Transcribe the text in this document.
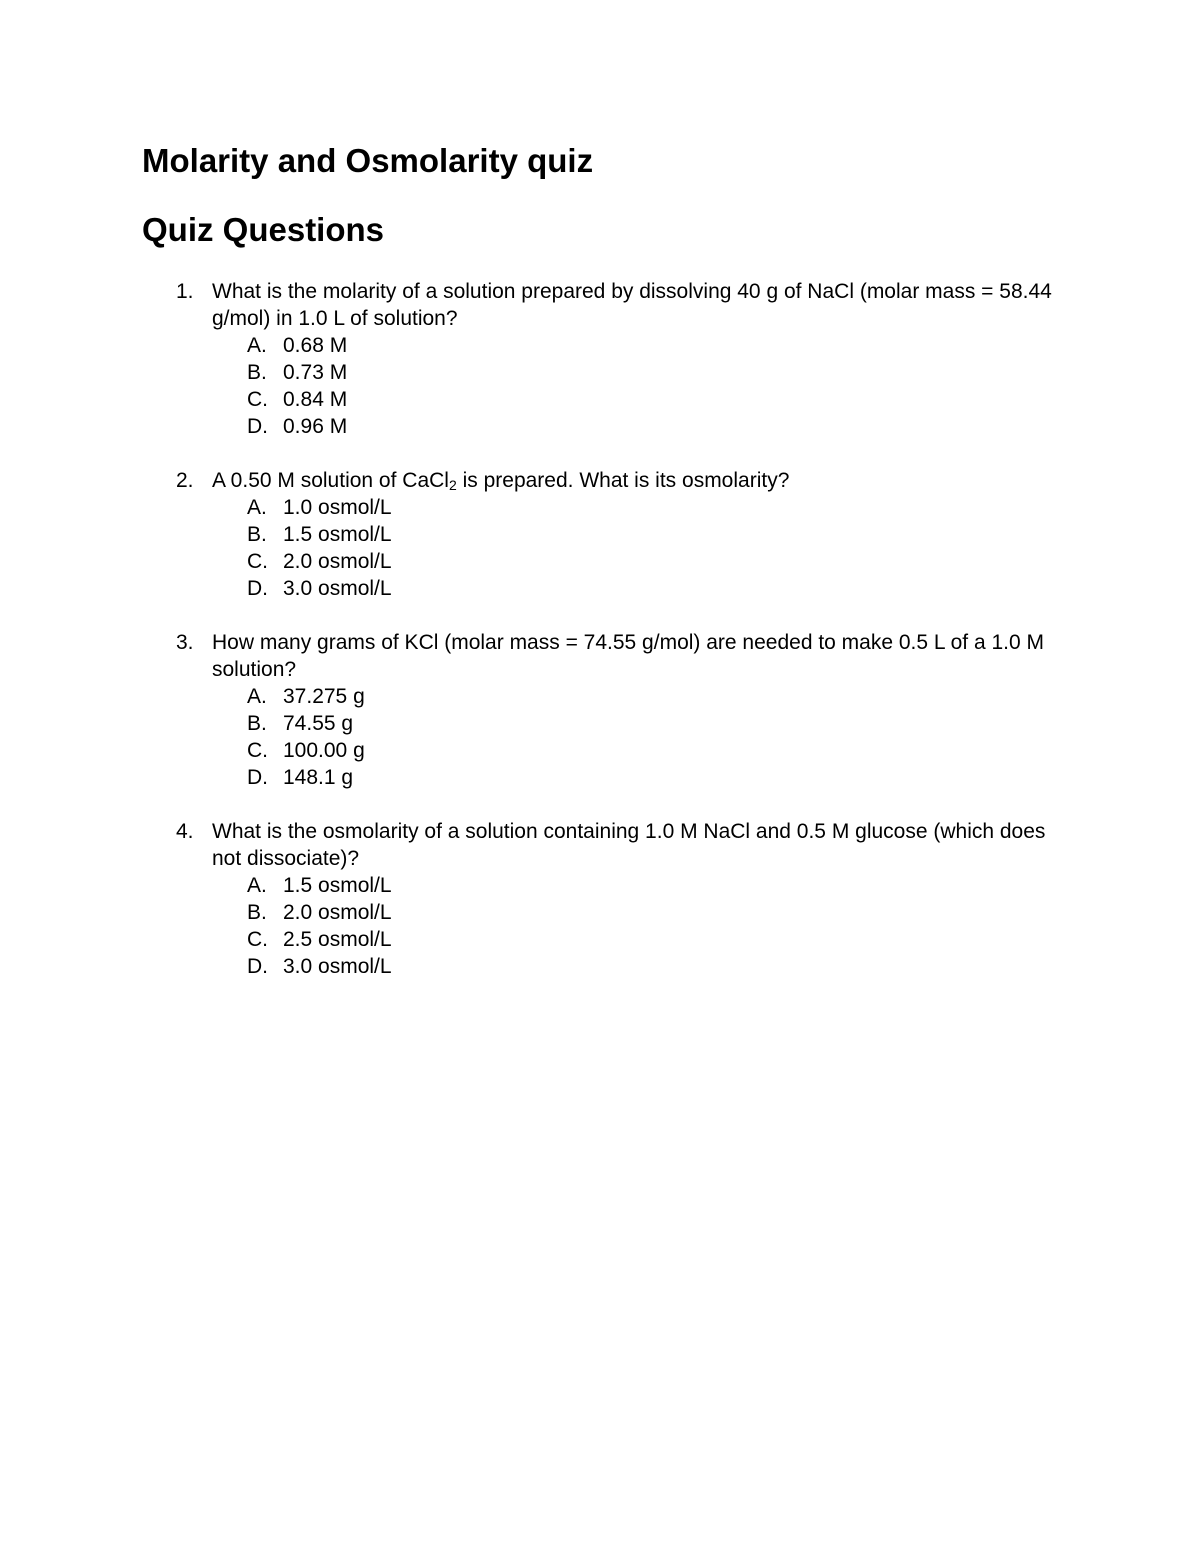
Molarity and Osmolarity quiz
Quiz Questions
1. What is the molarity of a solution prepared by dissolving 40 g of NaCl (molar mass = 58.44 g/mol) in 1.0 L of solution?

A. 0.68 M
B. 0.73 M
C. 0.84 M
D. 0.96 M
2. A 0.50 M solution of CaCl$_2$ is prepared. What is its osmolarity?

A. 1.0 osmol/L
B. 1.5 osmol/L
C. 2.0 osmol/L
D. 3.0 osmol/L
3. How many grams of KCl (molar mass = 74.55 g/mol) are needed to make 0.5 L of a 1.0 M solution?

A. 37.275 g
B. 74.55 g
C. 100.00 g
D. 148.1 g
4. What is the osmolarity of a solution containing 1.0 M NaCl and 0.5 M glucose (which does not dissociate)?

A. 1.5 osmol/L
B. 2.0 osmol/L
C. 2.5 osmol/L
D. 3.0 osmol/L
